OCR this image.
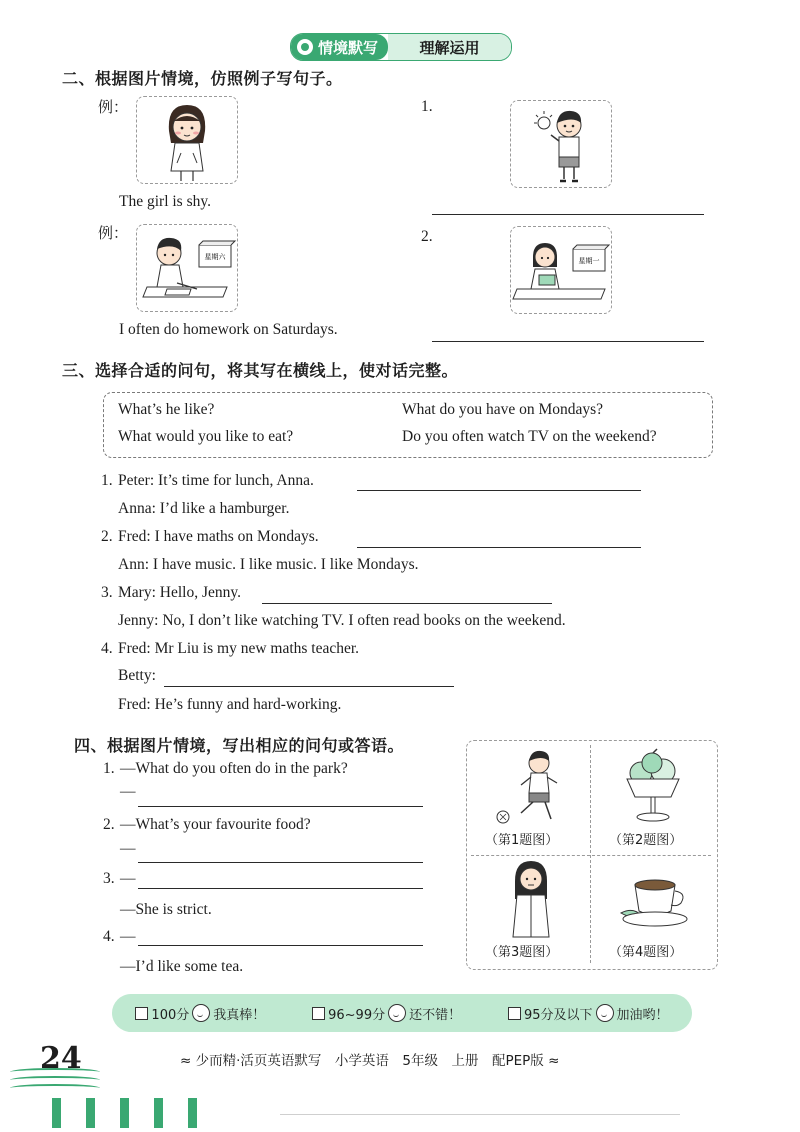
情境默写	理解运用
二、根据图片情境，仿照例子写句子。
例：
The girl is shy.
1.
例：
星期六
I often do homework on Saturdays.
2.
星期一
三、选择合适的问句，将其写在横线上，使对话完整。
What’s he like?	What do you have on Mondays?
What would you like to eat?	Do you often watch TV on the weekend?
1. Peter: It’s time for lunch, Anna.
Anna: I’d like a hamburger.
2. Fred: I have maths on Mondays.
Ann: I have music. I like music. I like Mondays.
3. Mary: Hello, Jenny.
Jenny: No, I don’t like watching TV. I often read books on the weekend.
4. Fred: Mr Liu is my new maths teacher.
Betty:
Fred: He’s funny and hard-working.
四、根据图片情境，写出相应的问句或答语。
1. —What do you often do in the park?
—
2. —What’s your favourite food?
—
3. —
—She is strict.
4. —
—I’d like some tea.
（第1题图）	（第2题图）
（第3题图）	（第4题图）
100分 我真棒！	96~99分 还不错！	95分及以下 加油哟！
24	≈ 少而精·活页英语默写　小学英语　5年级　上册　配PEP版 ≈
